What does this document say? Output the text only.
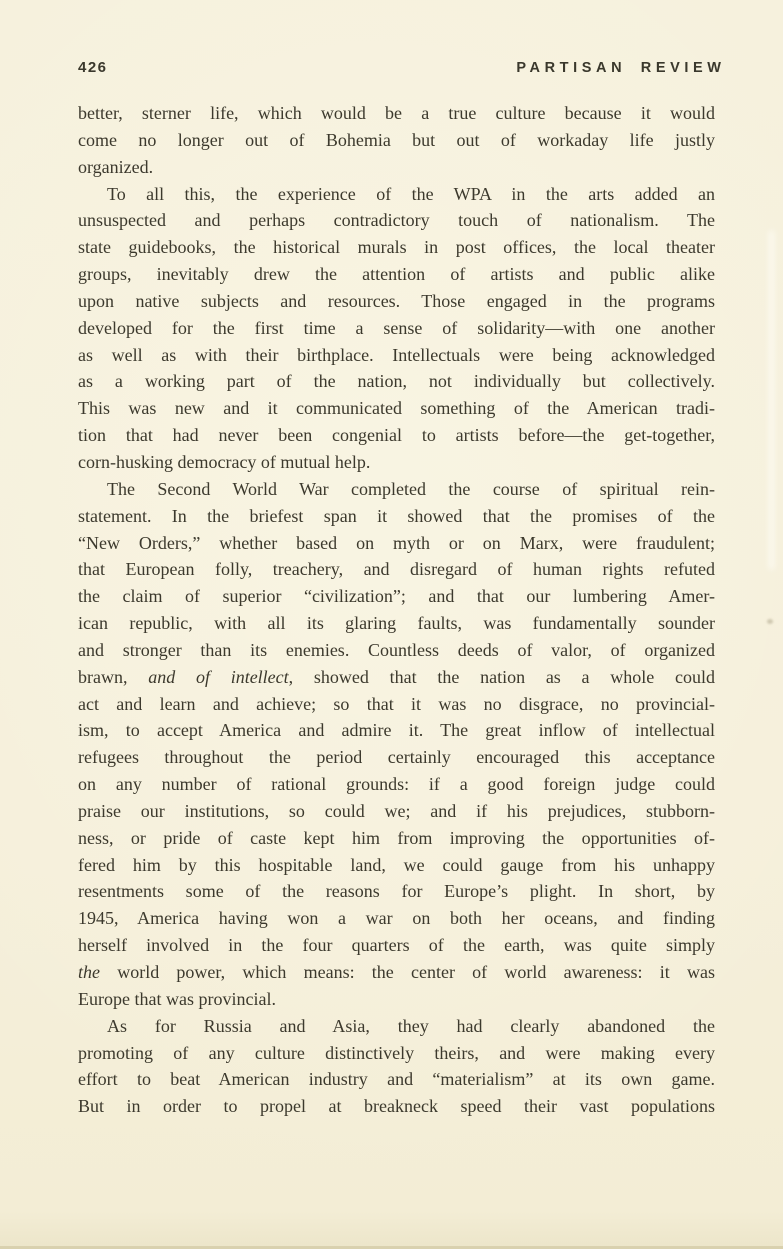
426	PARTISAN REVIEW
better, sterner life, which would be a true culture because it would
come no longer out of Bohemia but out of workaday life justly
organized.
To all this, the experience of the WPA in the arts added an
unsuspected and perhaps contradictory touch of nationalism. The
state guidebooks, the historical murals in post offices, the local theater
groups, inevitably drew the attention of artists and public alike
upon native subjects and resources. Those engaged in the programs
developed for the first time a sense of solidarity—with one another
as well as with their birthplace. Intellectuals were being acknowledged
as a working part of the nation, not individually but collectively.
This was new and it communicated something of the American tradi-
tion that had never been congenial to artists before—the get-together,
corn-husking democracy of mutual help.
The Second World War completed the course of spiritual rein-
statement. In the briefest span it showed that the promises of the
“New Orders,” whether based on myth or on Marx, were fraudulent;
that European folly, treachery, and disregard of human rights refuted
the claim of superior “civilization”; and that our lumbering Amer-
ican republic, with all its glaring faults, was fundamentally sounder
and stronger than its enemies. Countless deeds of valor, of organized
brawn, and of intellect, showed that the nation as a whole could
act and learn and achieve; so that it was no disgrace, no provincial-
ism, to accept America and admire it. The great inflow of intellectual
refugees throughout the period certainly encouraged this acceptance
on any number of rational grounds: if a good foreign judge could
praise our institutions, so could we; and if his prejudices, stubborn-
ness, or pride of caste kept him from improving the opportunities of-
fered him by this hospitable land, we could gauge from his unhappy
resentments some of the reasons for Europe’s plight. In short, by
1945, America having won a war on both her oceans, and finding
herself involved in the four quarters of the earth, was quite simply
the world power, which means: the center of world awareness: it was
Europe that was provincial.
As for Russia and Asia, they had clearly abandoned the
promoting of any culture distinctively theirs, and were making every
effort to beat American industry and “materialism” at its own game.
But in order to propel at breakneck speed their vast populations
